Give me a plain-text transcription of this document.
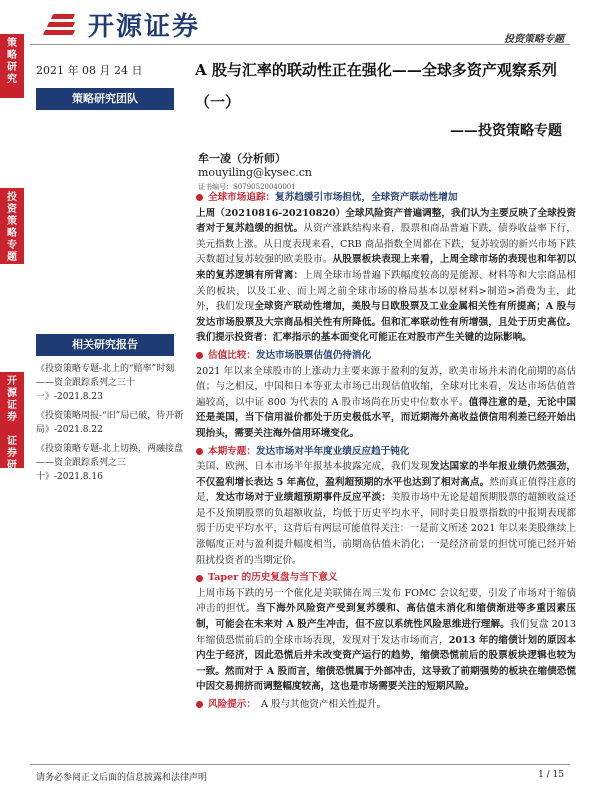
开源证券	投资策略专题
策
略
研
究
投
资
策
略
专
题
开
源
证
券

证
券
研
究
报
告
2021 年 08 月 24 日
策略研究团队
A 股与汇率的联动性正在强化——全球多资产观察系列（一）
——投资策略专题
牟一凌（分析师）
mouyiling@kysec.cn
证书编号：S0790520040001
相关研究报告
《投资策略专题-北上的“赔率”时刻——资金跟踪系列之三十一》-2021.8.23
《投资策略周报-“旧”局已破，待开新局》-2021.8.22
《投资策略专题-北上切换，两融接盘——资金跟踪系列之三十》-2021.8.16
全球市场追踪：复苏趋缓引市场担忧，全球资产联动性增加

上周（20210816-20210820）全球风险资产普遍调整，我们认为主要反映了全球投资者对于复苏趋缓的担忧。从资产涨跌结构来看，股票和商品普遍下跌，债券收益率下行，美元指数上涨。从日度表现来看，CRB 商品指数全周都在下跌，复苏较弱的新兴市场下跌天数超过复苏较强的欧美股市。从股票板块表现上来看，上周全球市场的表现也和年初以来的复苏逻辑有所背离：上周全球市场普遍下跌幅度较高的是能源、材料等和大宗商品相关的板块，以及工业、而上周之前全球市场的格局基本以原材料>制造>消费为主，此外，我们发现全球资产联动性增加，美股与日欧股票及工业金属相关性有所提高；A 股与发达市场股票及大宗商品相关性有所降低。但和汇率联动性有所增强，且处于历史高位。我们提示投资者：汇率指示的基本面变化可能正在对股市产生关键的边际影响。

估值比较：发达市场股票估值仍待消化

2021 年以来全球股市的上涨动力主要来源于盈利的复苏，欧美市场并未消化前期的高估值；与之相反，中国和日本等亚太市场已出现估值收缩，全球对比来看，发达市场估值普遍较高，以中证 800 为代表的 A 股市场尚在历史中位数水平。值得注意的是，无论中国还是美国，当下信用溢价都处于历史极低水平，而近期海外高收益债信用利差已经开始出现抬头，需要关注海外信用环境变化。

本期专题：发达市场对半年度业绩反应趋于钝化

美国、欧洲、日本市场半年报基本披露完成，我们发现发达国家的半年报业绩仍然强劲，不仅盈利增长表达 5 年高位，盈利超预期的水平也达到了相对高点。然而真正值得注意的是，发达市场对于业绩超预期事件反应平淡：美股市场中无论是超预期股票的超额收益还是不及预期股票的负超额收益，均低于历史平均水平，同时美日股票指数的中报期表现都弱于历史平均水平，这背后有两层可能值得关注：一是前文所述 2021 年以来美股继续上涨幅度正对与盈利提升幅度相当，前期高估值未消化；一是经济前景的担忧可能已经开始阻扰投资者的当期定价。

Taper 的历史复盘与当下意义

上周市场下跌的另一个催化是美联储在周三发布 FOMC 会议纪要，引发了市场对于缩债冲击的担忧。当下海外风险资产受到复苏缓和、高估值未消化和缩债渐进等多重因素压制，可能会在未来对 A 股产生冲击，但不应以系统性风险思维进行理解。我们复盘 2013 年缩债恐慌前后的全球市场表现，发现对于发达市场而言，2013 年的缩债计划的原因本内生于经济，因此恐慌后并未改变资产运行的趋势，缩债恐慌前后的股票板块逻辑也较为一致。然而对于 A 股而言，缩债恐慌属于外部冲击，这导致了前期强势的板块在缩债恐慌中因交易拥挤而调整幅度较高，这也是市场需要关注的短期风险。

风险提示： A 股与其他资产相关性提升。
请务必参阅正文后面的信息披露和法律声明	1 / 15
